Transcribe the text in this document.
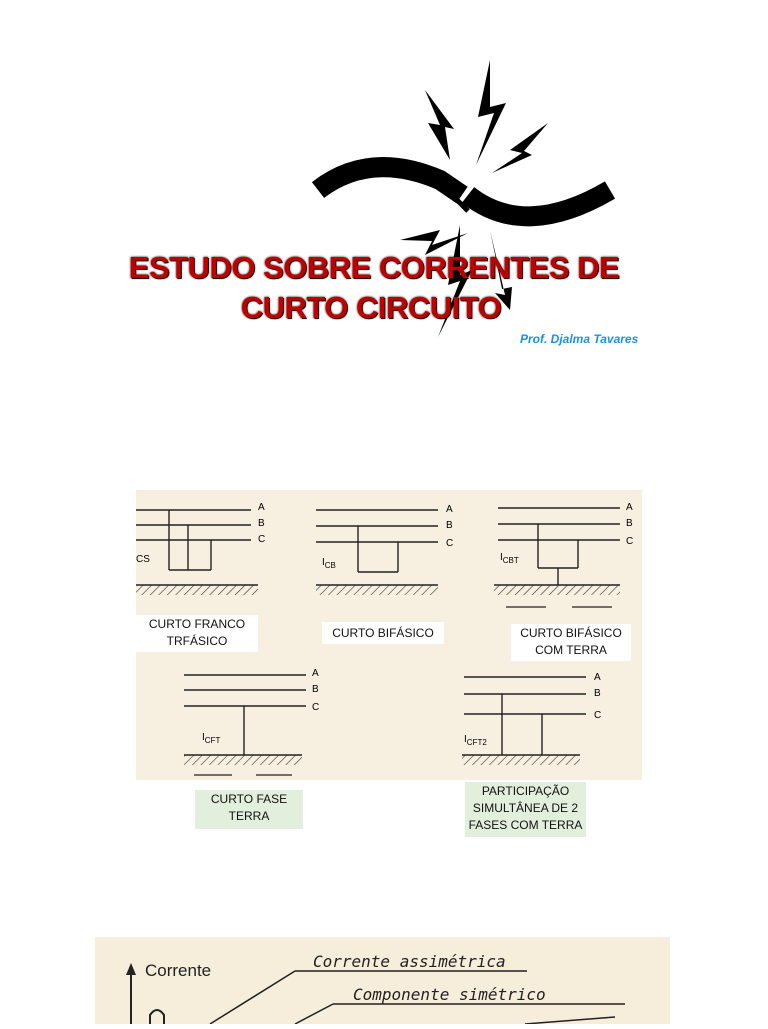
ESTUDO SOBRE CORRENTES DE
CURTO CIRCUITO
Prof. Djalma Tavares
A
B
C
CS
A
B
C
$I_{CB}$
A
B
C
$I_{CBT}$
A
B
C
$I_{CFT}$
A
B
C
$I_{CFT2}$
CURTO FRANCO TRFÁSICO
CURTO BIFÁSICO	CURTO BIFÁSICO COM TERRA
CURTO FASE TERRA
PARTICIPAÇÃO SIMULTÂNEA DE 2 FASES COM TERRA
Corrente	Corrente assimétrica
Componente simétrico
